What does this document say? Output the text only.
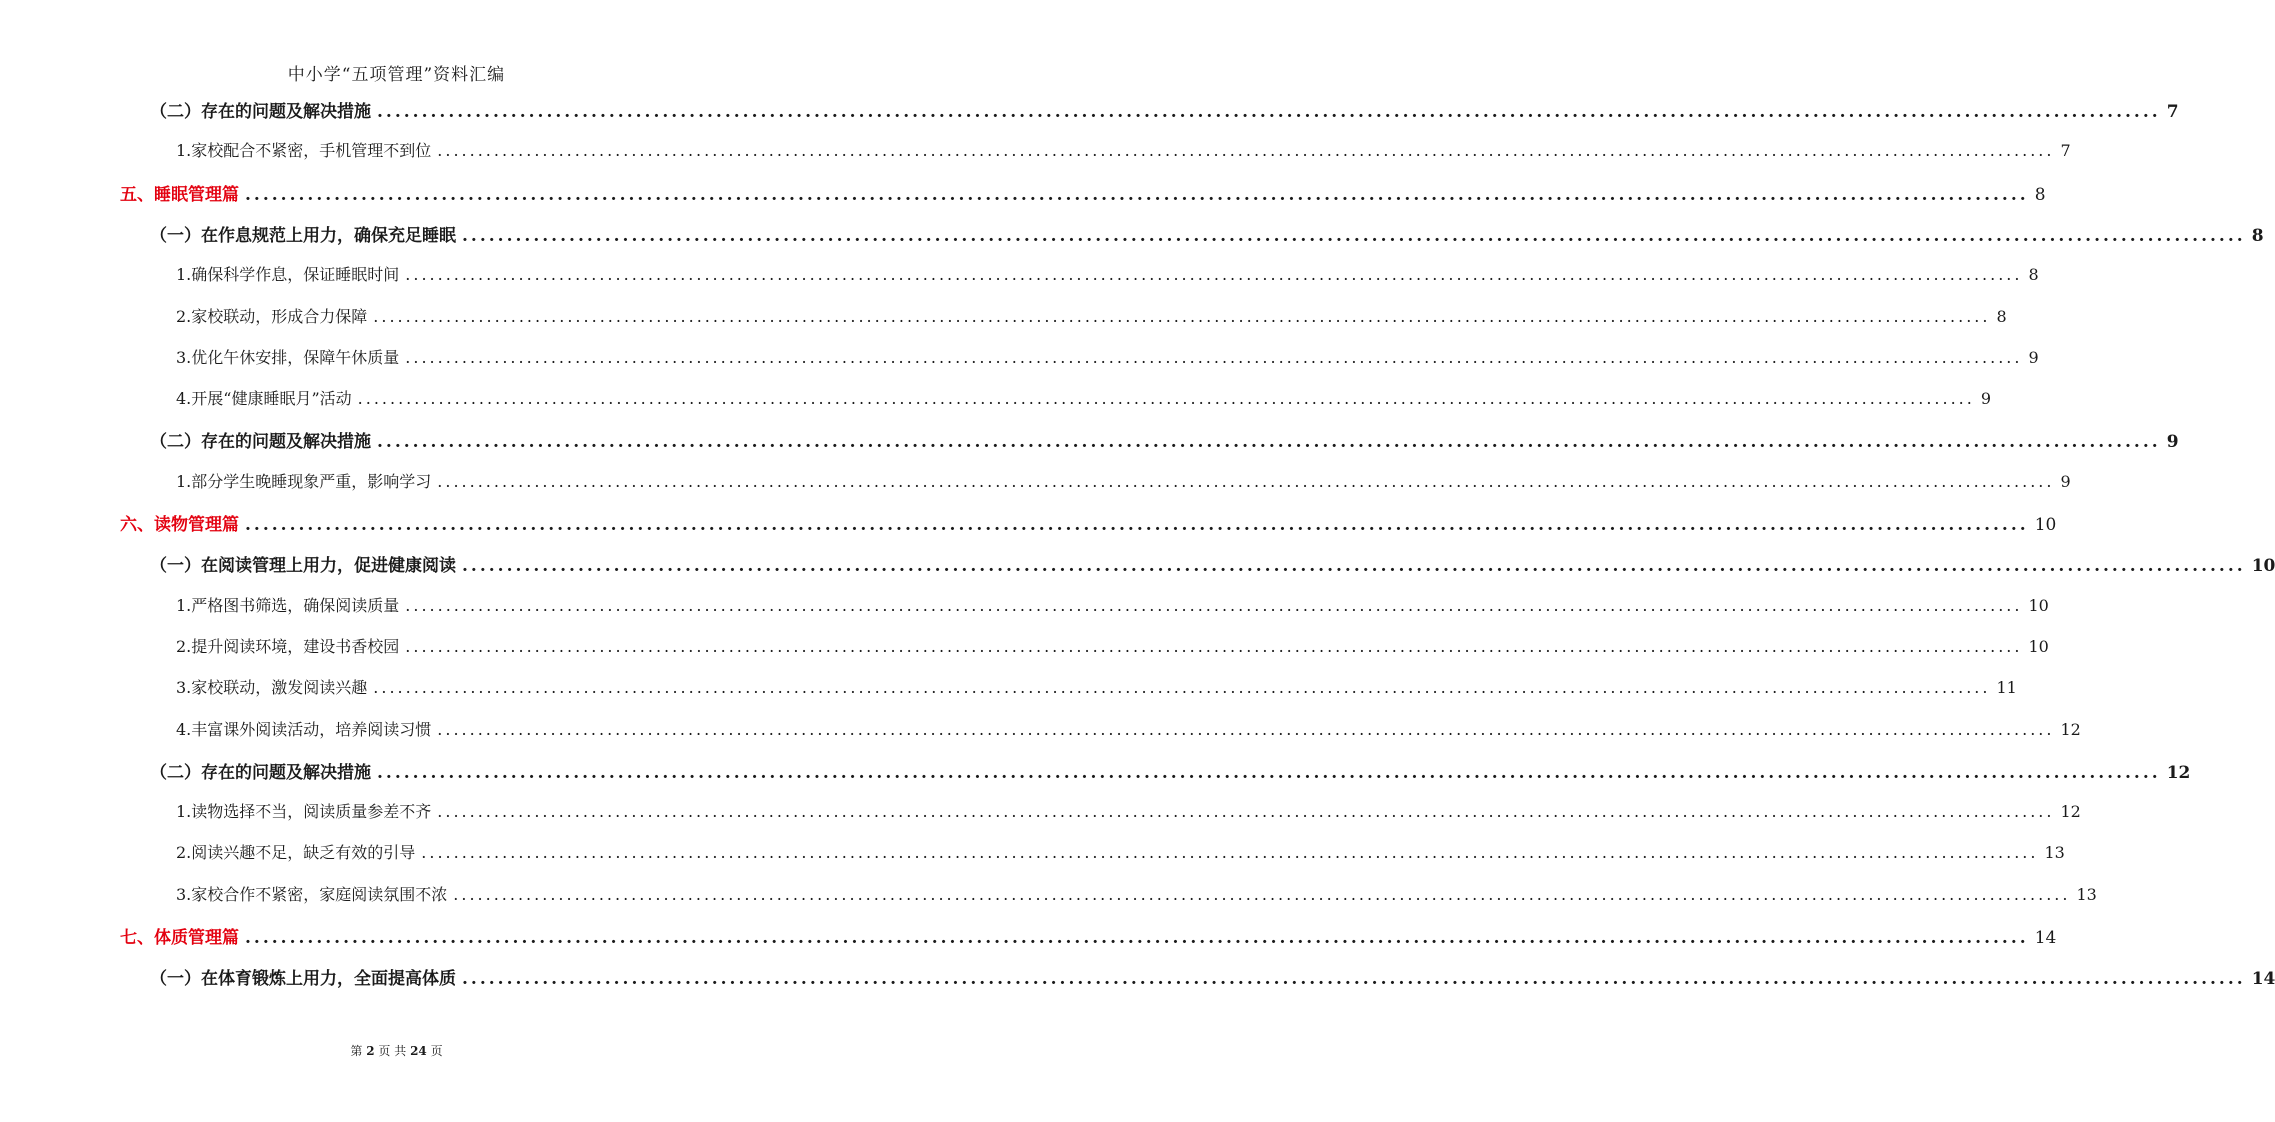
中小学“五项管理”资料汇编
（二）存在的问题及解决措施 ........................................................................................................................................................................................................ 7
1.家校配合不紧密，手机管理不到位 ........................................................................................................................................................................................................ 7
五、睡眠管理篇 ........................................................................................................................................................................................................ 8
（一）在作息规范上用力，确保充足睡眠 ........................................................................................................................................................................................................ 8
1.确保科学作息，保证睡眠时间 ........................................................................................................................................................................................................ 8
2.家校联动，形成合力保障 ........................................................................................................................................................................................................ 8
3.优化午休安排，保障午休质量 ........................................................................................................................................................................................................ 9
4.开展“健康睡眠月”活动 ........................................................................................................................................................................................................ 9
（二）存在的问题及解决措施 ........................................................................................................................................................................................................ 9
1.部分学生晚睡现象严重，影响学习 ........................................................................................................................................................................................................ 9
六、读物管理篇 ........................................................................................................................................................................................................ 10
（一）在阅读管理上用力，促进健康阅读 ........................................................................................................................................................................................................ 10
1.严格图书筛选，确保阅读质量 ........................................................................................................................................................................................................ 10
2.提升阅读环境，建设书香校园 ........................................................................................................................................................................................................ 10
3.家校联动，激发阅读兴趣 ........................................................................................................................................................................................................ 11
4.丰富课外阅读活动，培养阅读习惯 ........................................................................................................................................................................................................ 12
（二）存在的问题及解决措施 ........................................................................................................................................................................................................ 12
1.读物选择不当，阅读质量参差不齐 ........................................................................................................................................................................................................ 12
2.阅读兴趣不足，缺乏有效的引导 ........................................................................................................................................................................................................ 13
3.家校合作不紧密，家庭阅读氛围不浓 ........................................................................................................................................................................................................ 13
七、体质管理篇 ........................................................................................................................................................................................................ 14
（一）在体育锻炼上用力，全面提高体质 ........................................................................................................................................................................................................ 14
第 2 页 共 24 页
